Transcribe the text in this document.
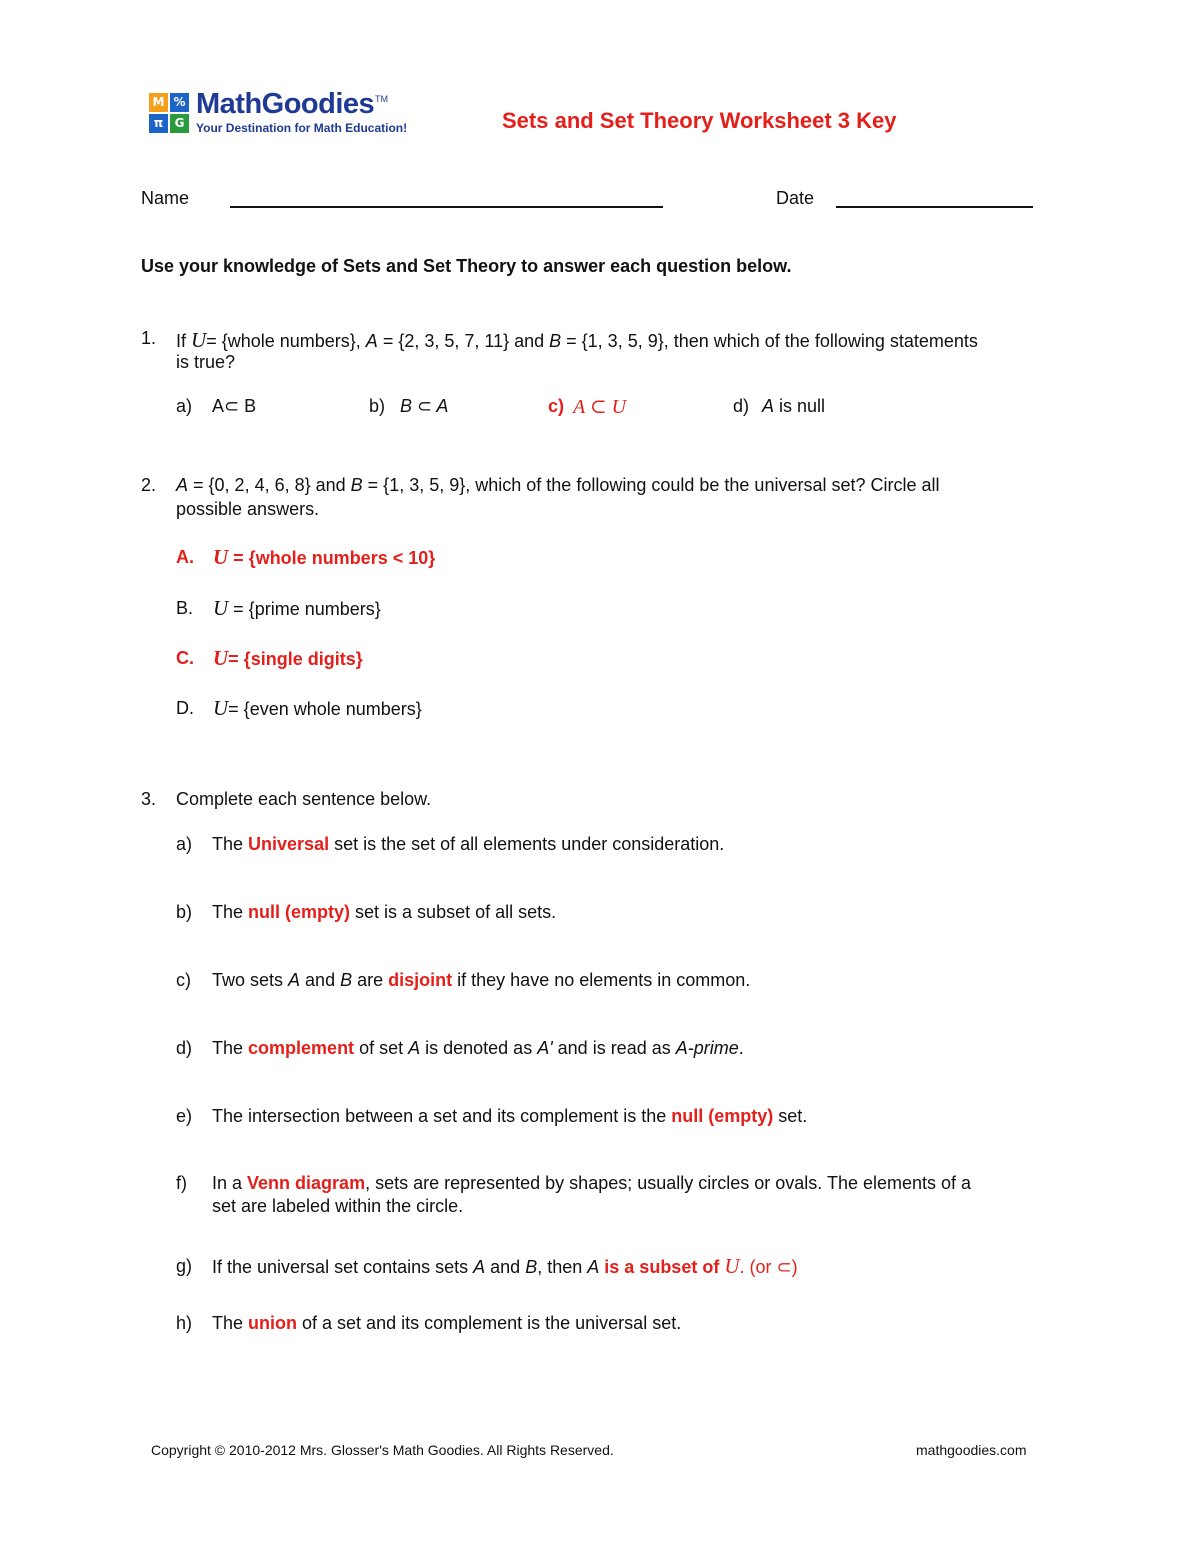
M %
π G
MathGoodies TM
Your Destination for Math Education!	Sets and Set Theory Worksheet 3 Key
Name	Date
Use your knowledge of Sets and Set Theory to answer each question below.
1. If U= {whole numbers}, A = {2, 3, 5, 7, 11} and B = {1, 3, 5, 9}, then which of the following statements
is true?
a) A⊂ B	b) B ⊂ A	c) A ⊂ U	d) A is null
2. A = {0, 2, 4, 6, 8} and B = {1, 3, 5, 9}, which of the following could be the universal set? Circle all
possible answers.
A. U = {whole numbers < 10}
B. U = {prime numbers}
C. U= {single digits}
D. U= {even whole numbers}
3. Complete each sentence below.
a) The Universal set is the set of all elements under consideration.
b) The null (empty) set is a subset of all sets.
c) Two sets A and B are disjoint if they have no elements in common.
d) The complement of set A is denoted as A' and is read as A-prime.
e) The intersection between a set and its complement is the null (empty) set.
f) In a Venn diagram, sets are represented by shapes; usually circles or ovals. The elements of a
set are labeled within the circle.
g) If the universal set contains sets A and B, then A is a subset of U. (or ⊂)
h) The union of a set and its complement is the universal set.
Copyright © 2010-2012 Mrs. Glosser's Math Goodies. All Rights Reserved.	mathgoodies.com
